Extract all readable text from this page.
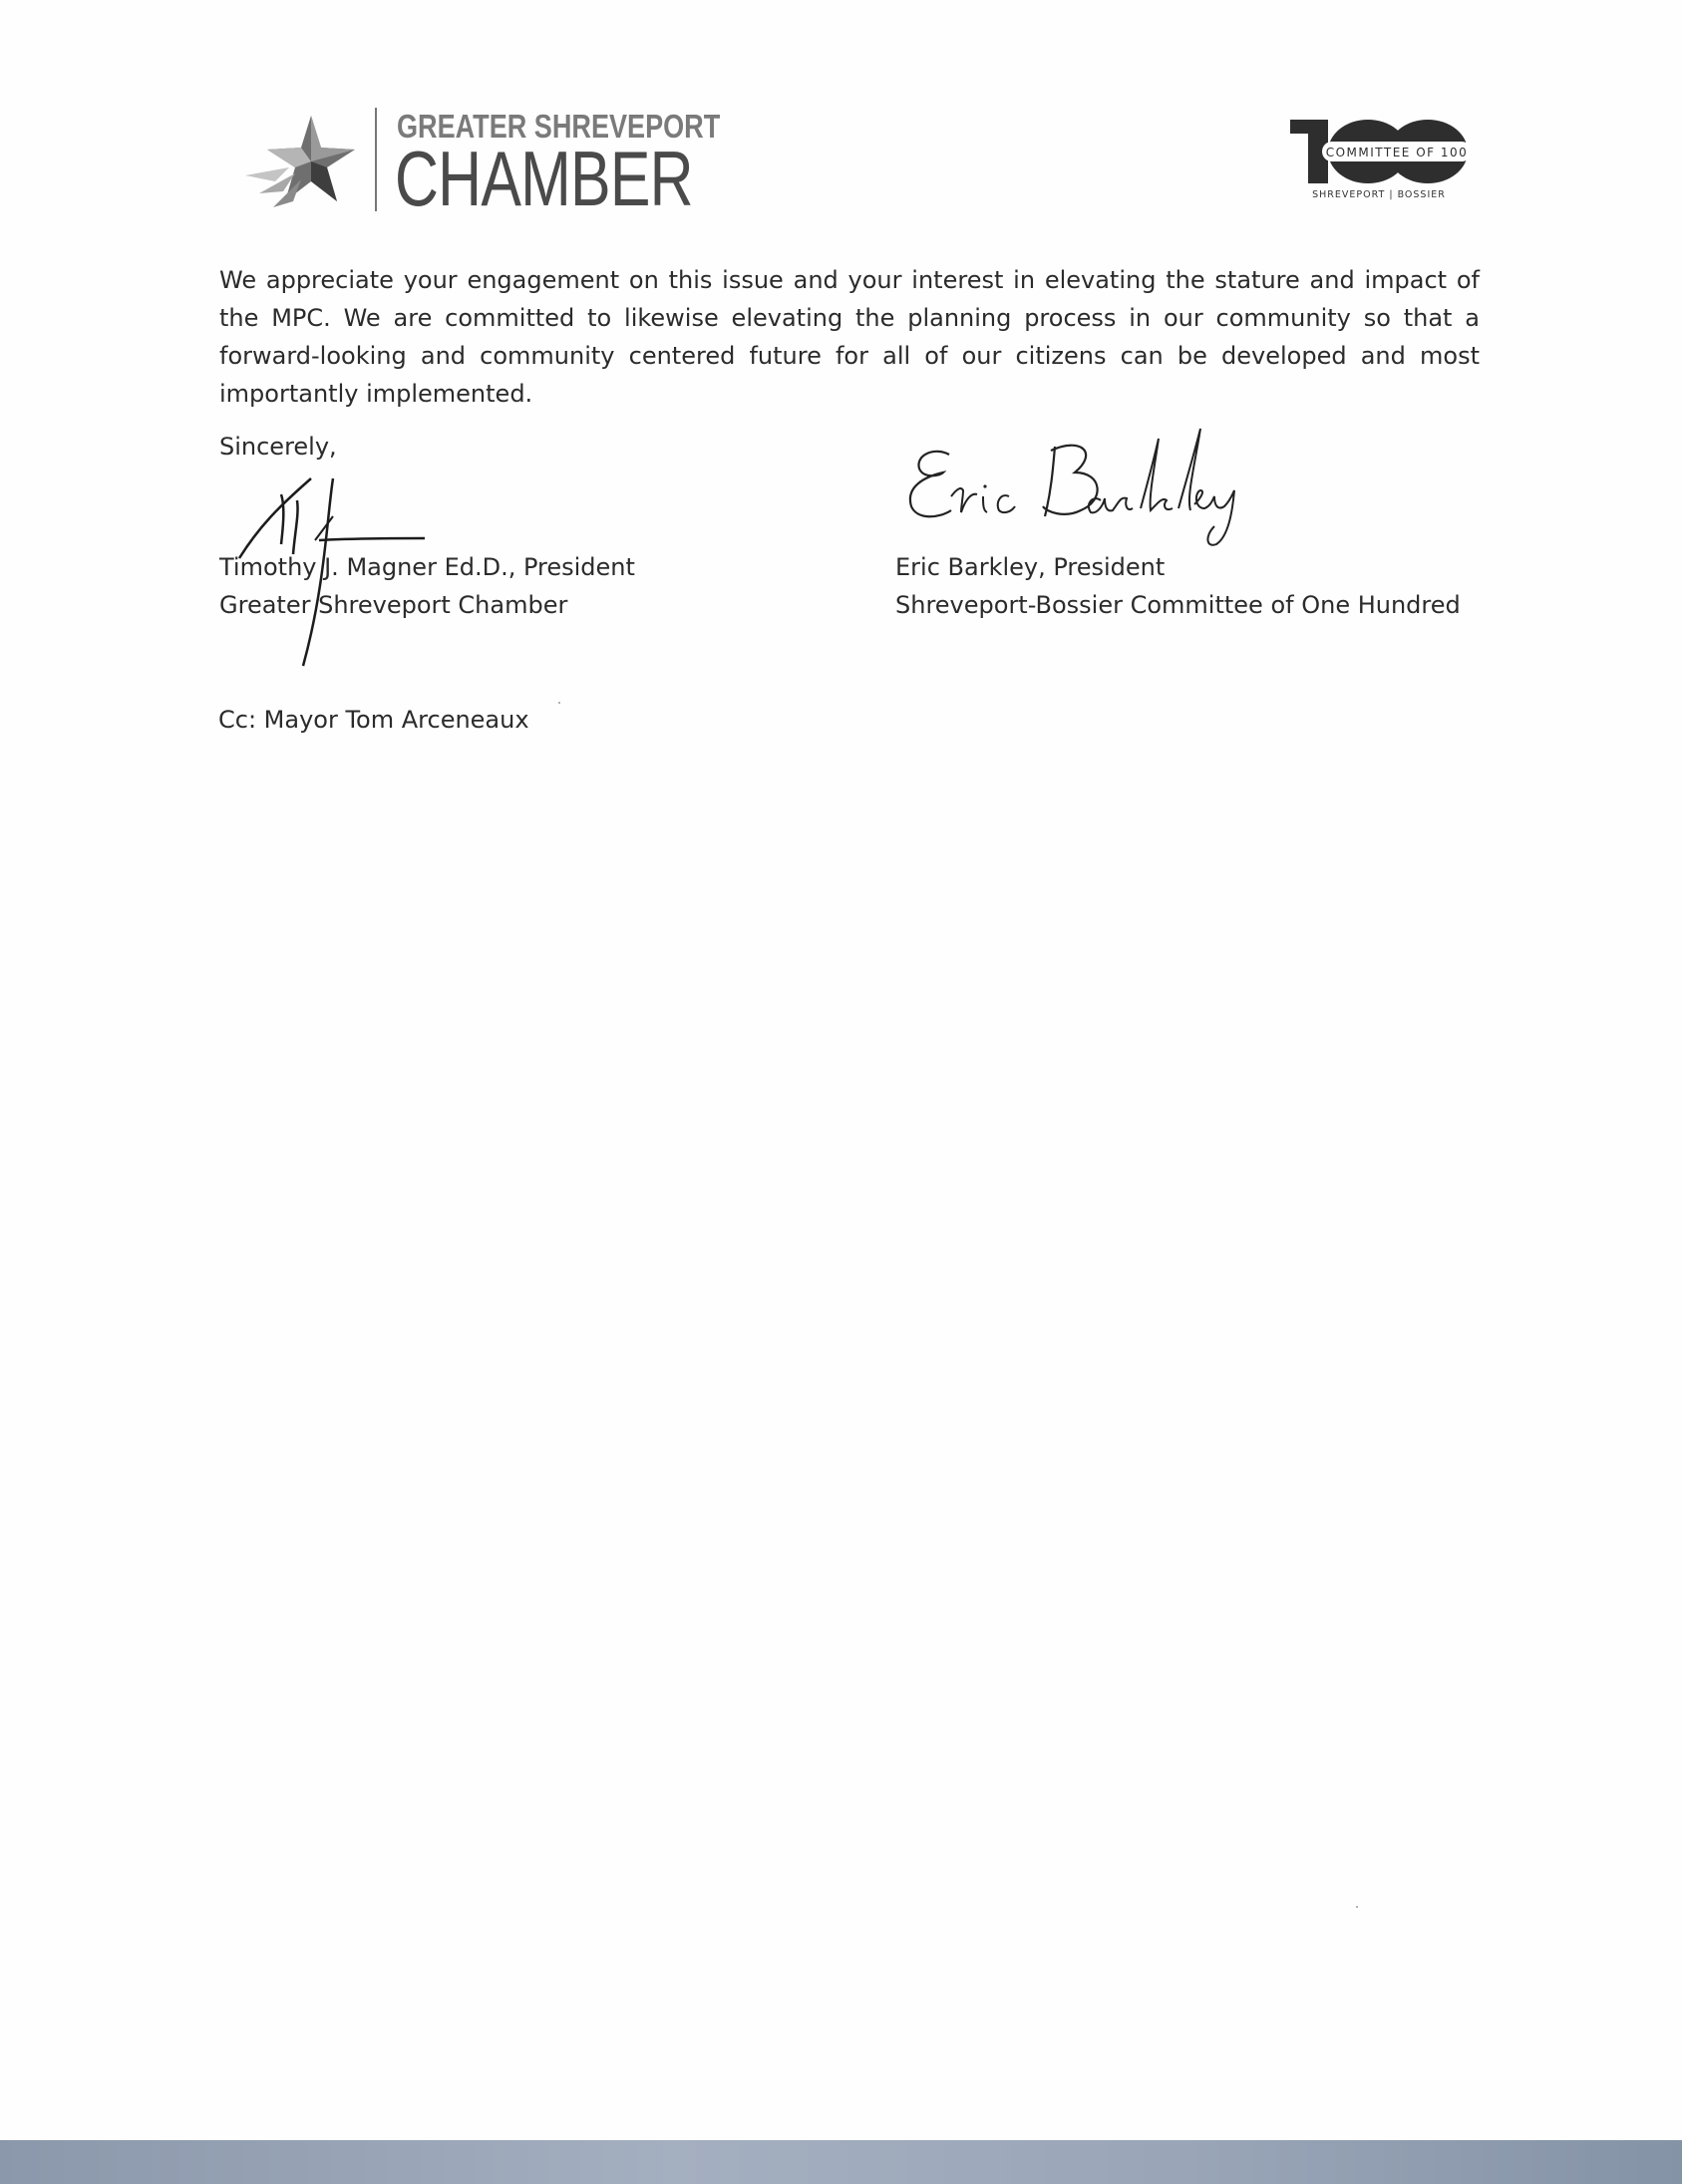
GREATER SHREVEPORT
CHAMBER	COMMITTEE OF 100
SHREVEPORT | BOSSIER

We appreciate your engagement on this issue and your interest in elevating the stature and impact of the MPC. We are committed to likewise elevating the planning process in our community so that a forward-looking and community centered future for all of our citizens can be developed and most importantly implemented.

Sincerely,
Timothy J. Magner Ed.D., President
Greater Shreveport Chamber
Eric Barkley, President
Shreveport-Bossier Committee of One Hundred
Cc: Mayor Tom Arceneaux
